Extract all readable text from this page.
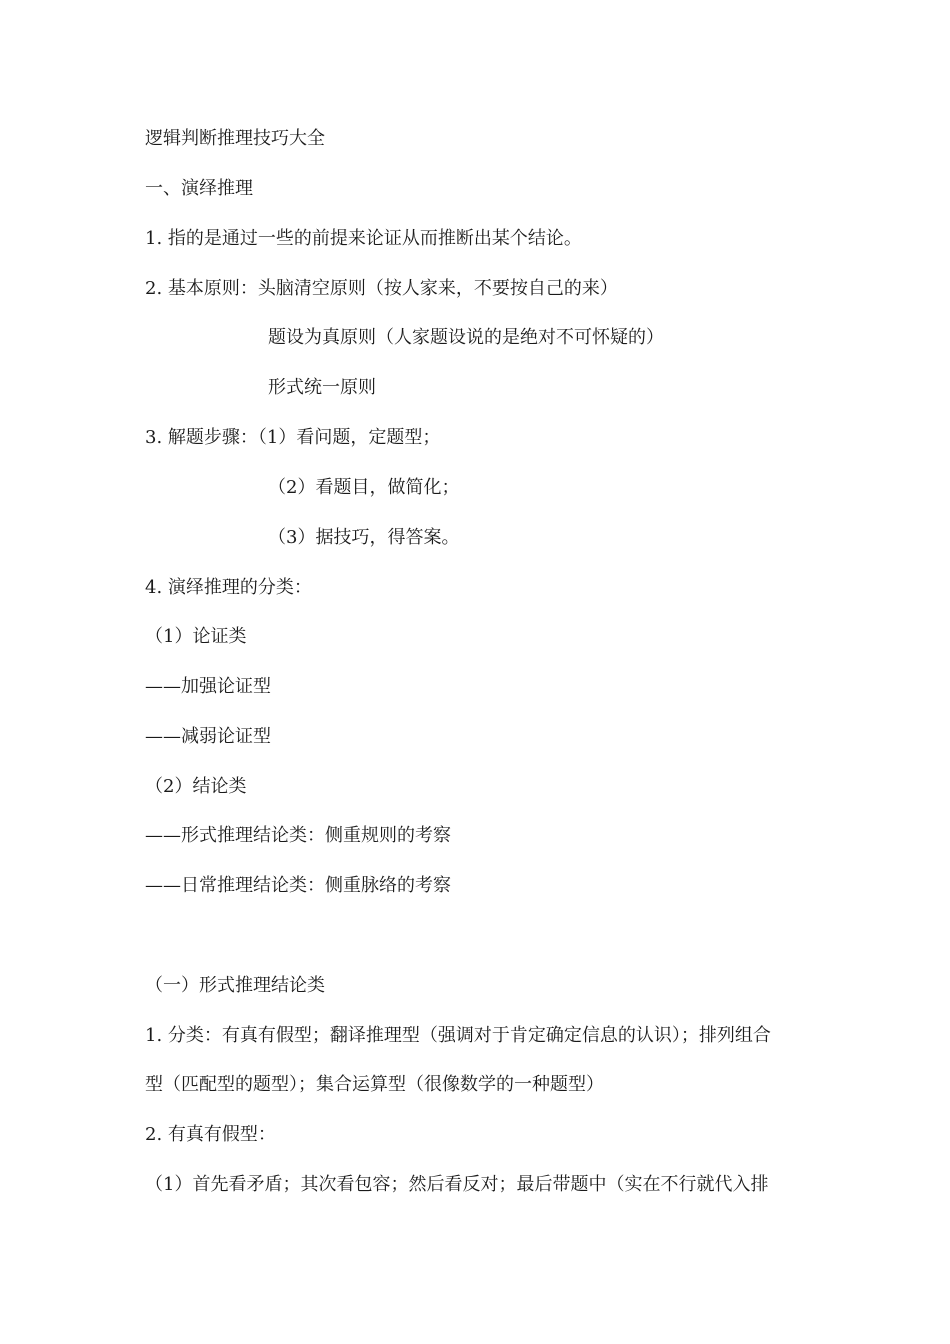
逻辑判断推理技巧大全
一、演绎推理
1. 指的是通过一些的前提来论证从而推断出某个结论。
2. 基本原则：头脑清空原则（按人家来，不要按自己的来）
题设为真原则（人家题设说的是绝对不可怀疑的）
形式统一原则
3. 解题步骤：（1）看问题，定题型；
（2）看题目，做简化；
（3）据技巧，得答案。
4. 演绎推理的分类：
（1）论证类
——加强论证型
——减弱论证型
（2）结论类
——形式推理结论类：侧重规则的考察
——日常推理结论类：侧重脉络的考察
（一）形式推理结论类
1. 分类：有真有假型；翻译推理型（强调对于肯定确定信息的认识）；排列组合
型（匹配型的题型）；集合运算型（很像数学的一种题型）
2. 有真有假型：
（1）首先看矛盾；其次看包容；然后看反对；最后带题中（实在不行就代入排
